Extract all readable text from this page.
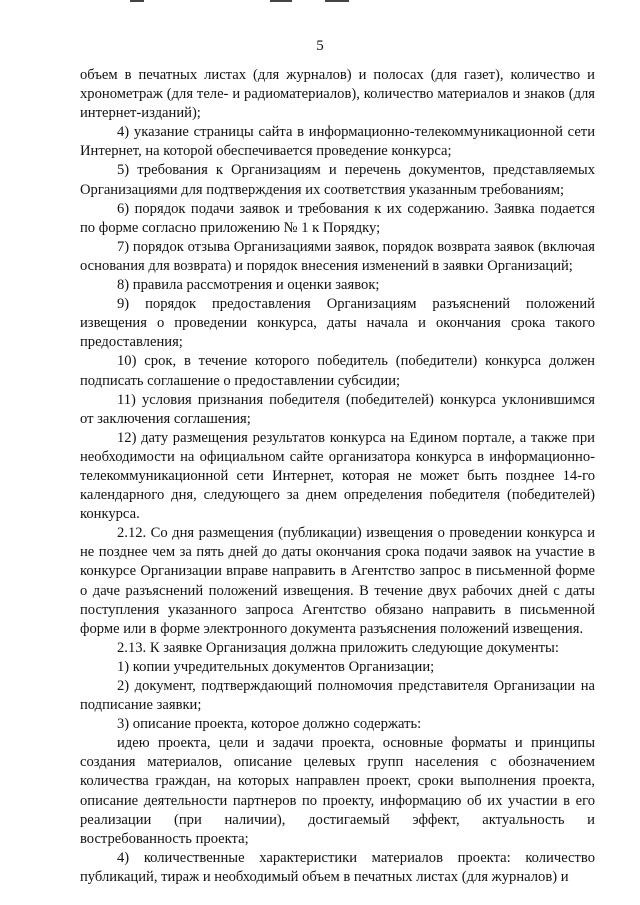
5

объем в печатных листах (для журналов) и полосах (для газет), количество и хронометраж (для теле- и радиоматериалов), количество материалов и знаков (для интернет-изданий);

4) указание страницы сайта в информационно-телекоммуникационной сети Интернет, на которой обеспечивается проведение конкурса;

5) требования к Организациям и перечень документов, представляемых Организациями для подтверждения их соответствия указанным требованиям;

6) порядок подачи заявок и требования к их содержанию. Заявка подается по форме согласно приложению № 1 к Порядку;

7) порядок отзыва Организациями заявок, порядок возврата заявок (включая основания для возврата) и порядок внесения изменений в заявки Организаций;

8) правила рассмотрения и оценки заявок;

9) порядок предоставления Организациям разъяснений положений извещения о проведении конкурса, даты начала и окончания срока такого предоставления;

10) срок, в течение которого победитель (победители) конкурса должен подписать соглашение о предоставлении субсидии;

11) условия признания победителя (победителей) конкурса уклонившимся от заключения соглашения;

12) дату размещения результатов конкурса на Едином портале, а также при необходимости на официальном сайте организатора конкурса в информационно-телекоммуникационной сети Интернет, которая не может быть позднее 14-го календарного дня, следующего за днем определения победителя (победителей) конкурса.

2.12. Со дня размещения (публикации) извещения о проведении конкурса и не позднее чем за пять дней до даты окончания срока подачи заявок на участие в конкурсе Организации вправе направить в Агентство запрос в письменной форме о даче разъяснений положений извещения. В течение двух рабочих дней с даты поступления указанного запроса Агентство обязано направить в письменной форме или в форме электронного документа разъяснения положений извещения.

2.13. К заявке Организация должна приложить следующие документы:

1) копии учредительных документов Организации;

2) документ, подтверждающий полномочия представителя Организации на подписание заявки;

3) описание проекта, которое должно содержать:

идею проекта, цели и задачи проекта, основные форматы и принципы создания материалов, описание целевых групп населения с обозначением количества граждан, на которых направлен проект, сроки выполнения проекта, описание деятельности партнеров по проекту, информацию об их участии в его реализации (при наличии), достигаемый эффект, актуальность и востребованность проекта;

4) количественные характеристики материалов проекта: количество публикаций, тираж и необходимый объем в печатных листах (для журналов) и
